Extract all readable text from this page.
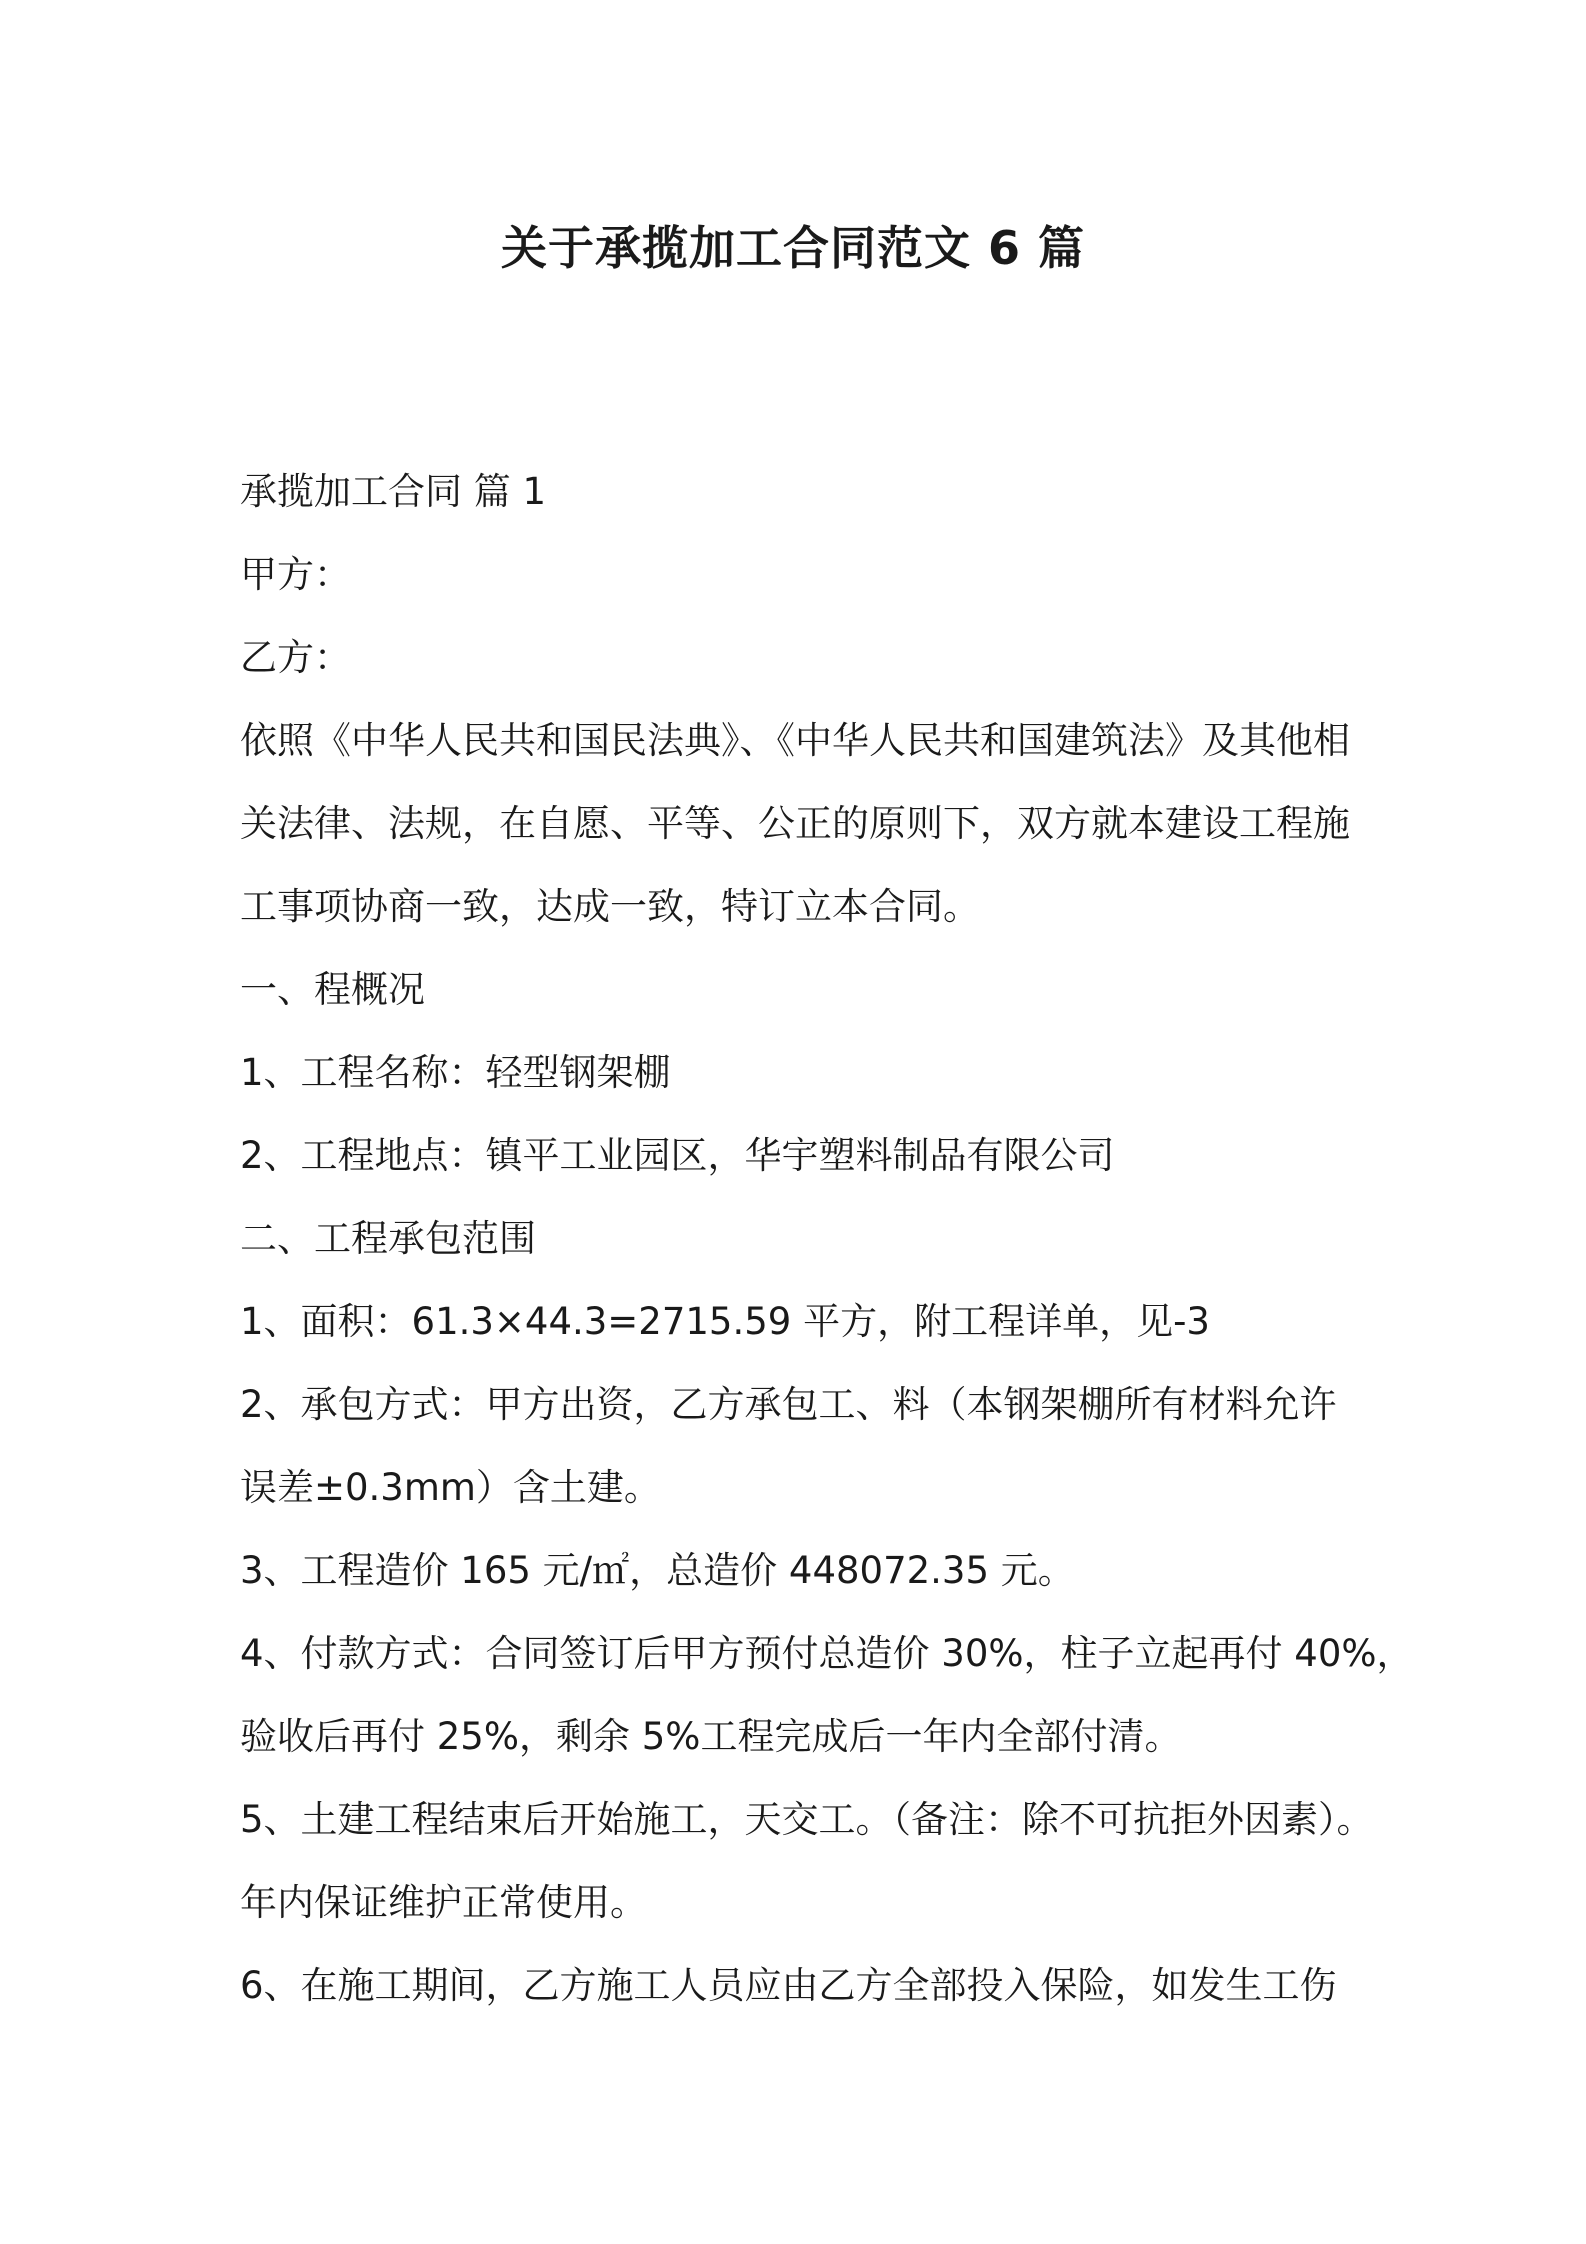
关于承揽加工合同范文 6 篇

承揽加工合同 篇 1

甲方：

乙方：

依照《中华人民共和国民法典》、《中华人民共和国建筑法》及其他相

关法律、法规，在自愿、平等、公正的原则下，双方就本建设工程施

工事项协商一致，达成一致，特订立本合同。

一、程概况

1、工程名称：轻型钢架棚

2、工程地点：镇平工业园区，华宇塑料制品有限公司

二、工程承包范围

1、面积：61.3×44.3=2715.59 平方，附工程详单，见-3

2、承包方式：甲方出资，乙方承包工、料（本钢架棚所有材料允许

误差±0.3mm）含土建。

3、工程造价 165 元/㎡，总造价 448072.35 元。

4、付款方式：合同签订后甲方预付总造价 30%，柱子立起再付 40%，

验收后再付 25%，剩余 5%工程完成后一年内全部付清。

5、土建工程结束后开始施工，天交工。（备注：除不可抗拒外因素）。

年内保证维护正常使用。

6、在施工期间，乙方施工人员应由乙方全部投入保险，如发生工伤
